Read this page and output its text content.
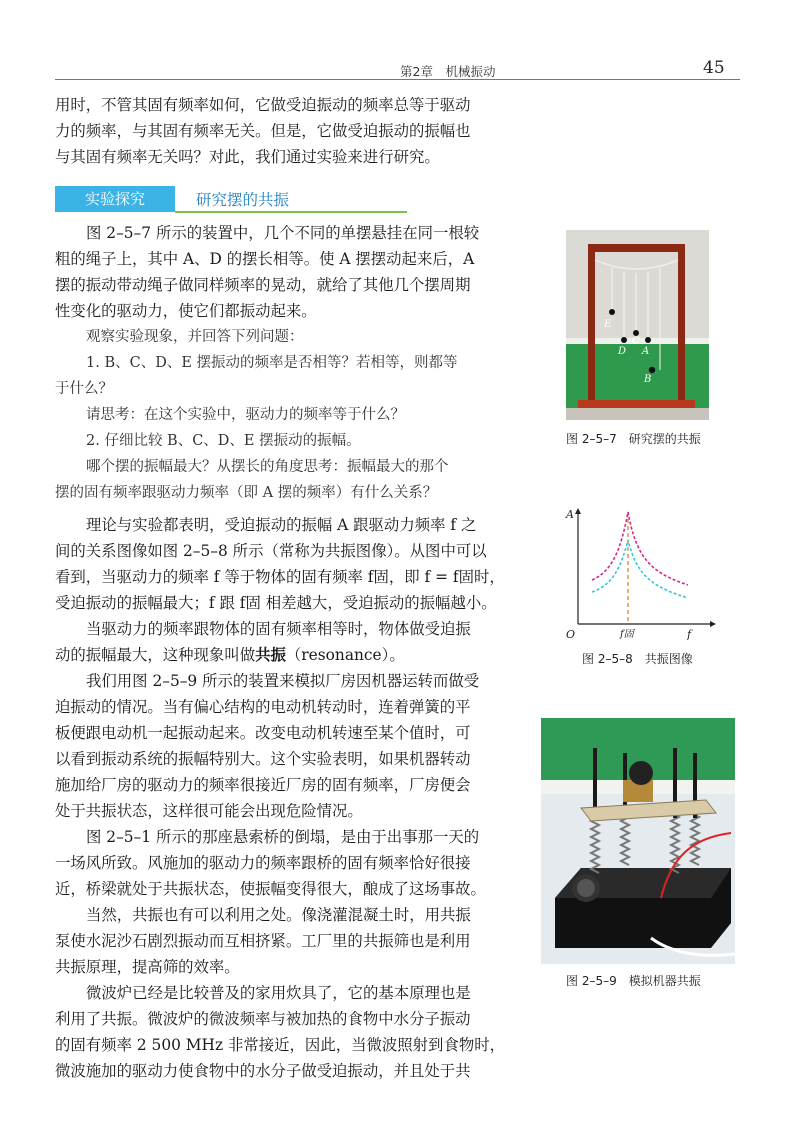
第2章　机械振动	45
用时，不管其固有频率如何，它做受迫振动的频率总等于驱动
力的频率，与其固有频率无关。但是，它做受迫振动的振幅也
与其固有频率无关吗？对此，我们通过实验来进行研究。
实验探究	研究摆的共振
图 2–5–7 所示的装置中，几个不同的单摆悬挂在同一根较
粗的绳子上，其中 A、D 的摆长相等。使 A 摆摆动起来后，A
摆的振动带动绳子做同样频率的晃动，就给了其他几个摆周期
性变化的驱动力，使它们都振动起来。
观察实验现象，并回答下列问题：
1. B、C、D、E 摆振动的频率是否相等？若相等，则都等
于什么？
请思考：在这个实验中，驱动力的频率等于什么？
2. 仔细比较 B、C、D、E 摆振动的振幅。
哪个摆的振幅最大？从摆长的角度思考：振幅最大的那个
摆的固有频率跟驱动力频率（即 A 摆的频率）有什么关系？
理论与实验都表明，受迫振动的振幅 A 跟驱动力频率 f 之
间的关系图像如图 2–5–8 所示（常称为共振图像）。从图中可以
看到，当驱动力的频率 f 等于物体的固有频率 f固，即 f = f固时，
受迫振动的振幅最大；f 跟 f固 相差越大，受迫振动的振幅越小。
当驱动力的频率跟物体的固有频率相等时，物体做受迫振
动的振幅最大，这种现象叫做共振（resonance）。
我们用图 2–5–9 所示的装置来模拟厂房因机器运转而做受
迫振动的情况。当有偏心结构的电动机转动时，连着弹簧的平
板便跟电动机一起振动起来。改变电动机转速至某个值时，可
以看到振动系统的振幅特别大。这个实验表明，如果机器转动
施加给厂房的驱动力的频率很接近厂房的固有频率，厂房便会
处于共振状态，这样很可能会出现危险情况。
图 2–5–1 所示的那座悬索桥的倒塌，是由于出事那一天的
一场风所致。风施加的驱动力的频率跟桥的固有频率恰好很接
近，桥梁就处于共振状态，使振幅变得很大，酿成了这场事故。
当然，共振也有可以利用之处。像浇灌混凝土时，用共振
泵使水泥沙石剧烈振动而互相挤紧。工厂里的共振筛也是利用
共振原理，提高筛的效率。
微波炉已经是比较普及的家用炊具了，它的基本原理也是
利用了共振。微波炉的微波频率与被加热的食物中水分子振动
的固有频率 2 500 MHz 非常接近，因此，当微波照射到食物时，
微波施加的驱动力使食物中的水分子做受迫振动，并且处于共
E
C
D A
B
图 2–5–7　研究摆的共振
A
O	f
f固
图 2–5–8　共振图像
图 2–5–9　模拟机器共振
